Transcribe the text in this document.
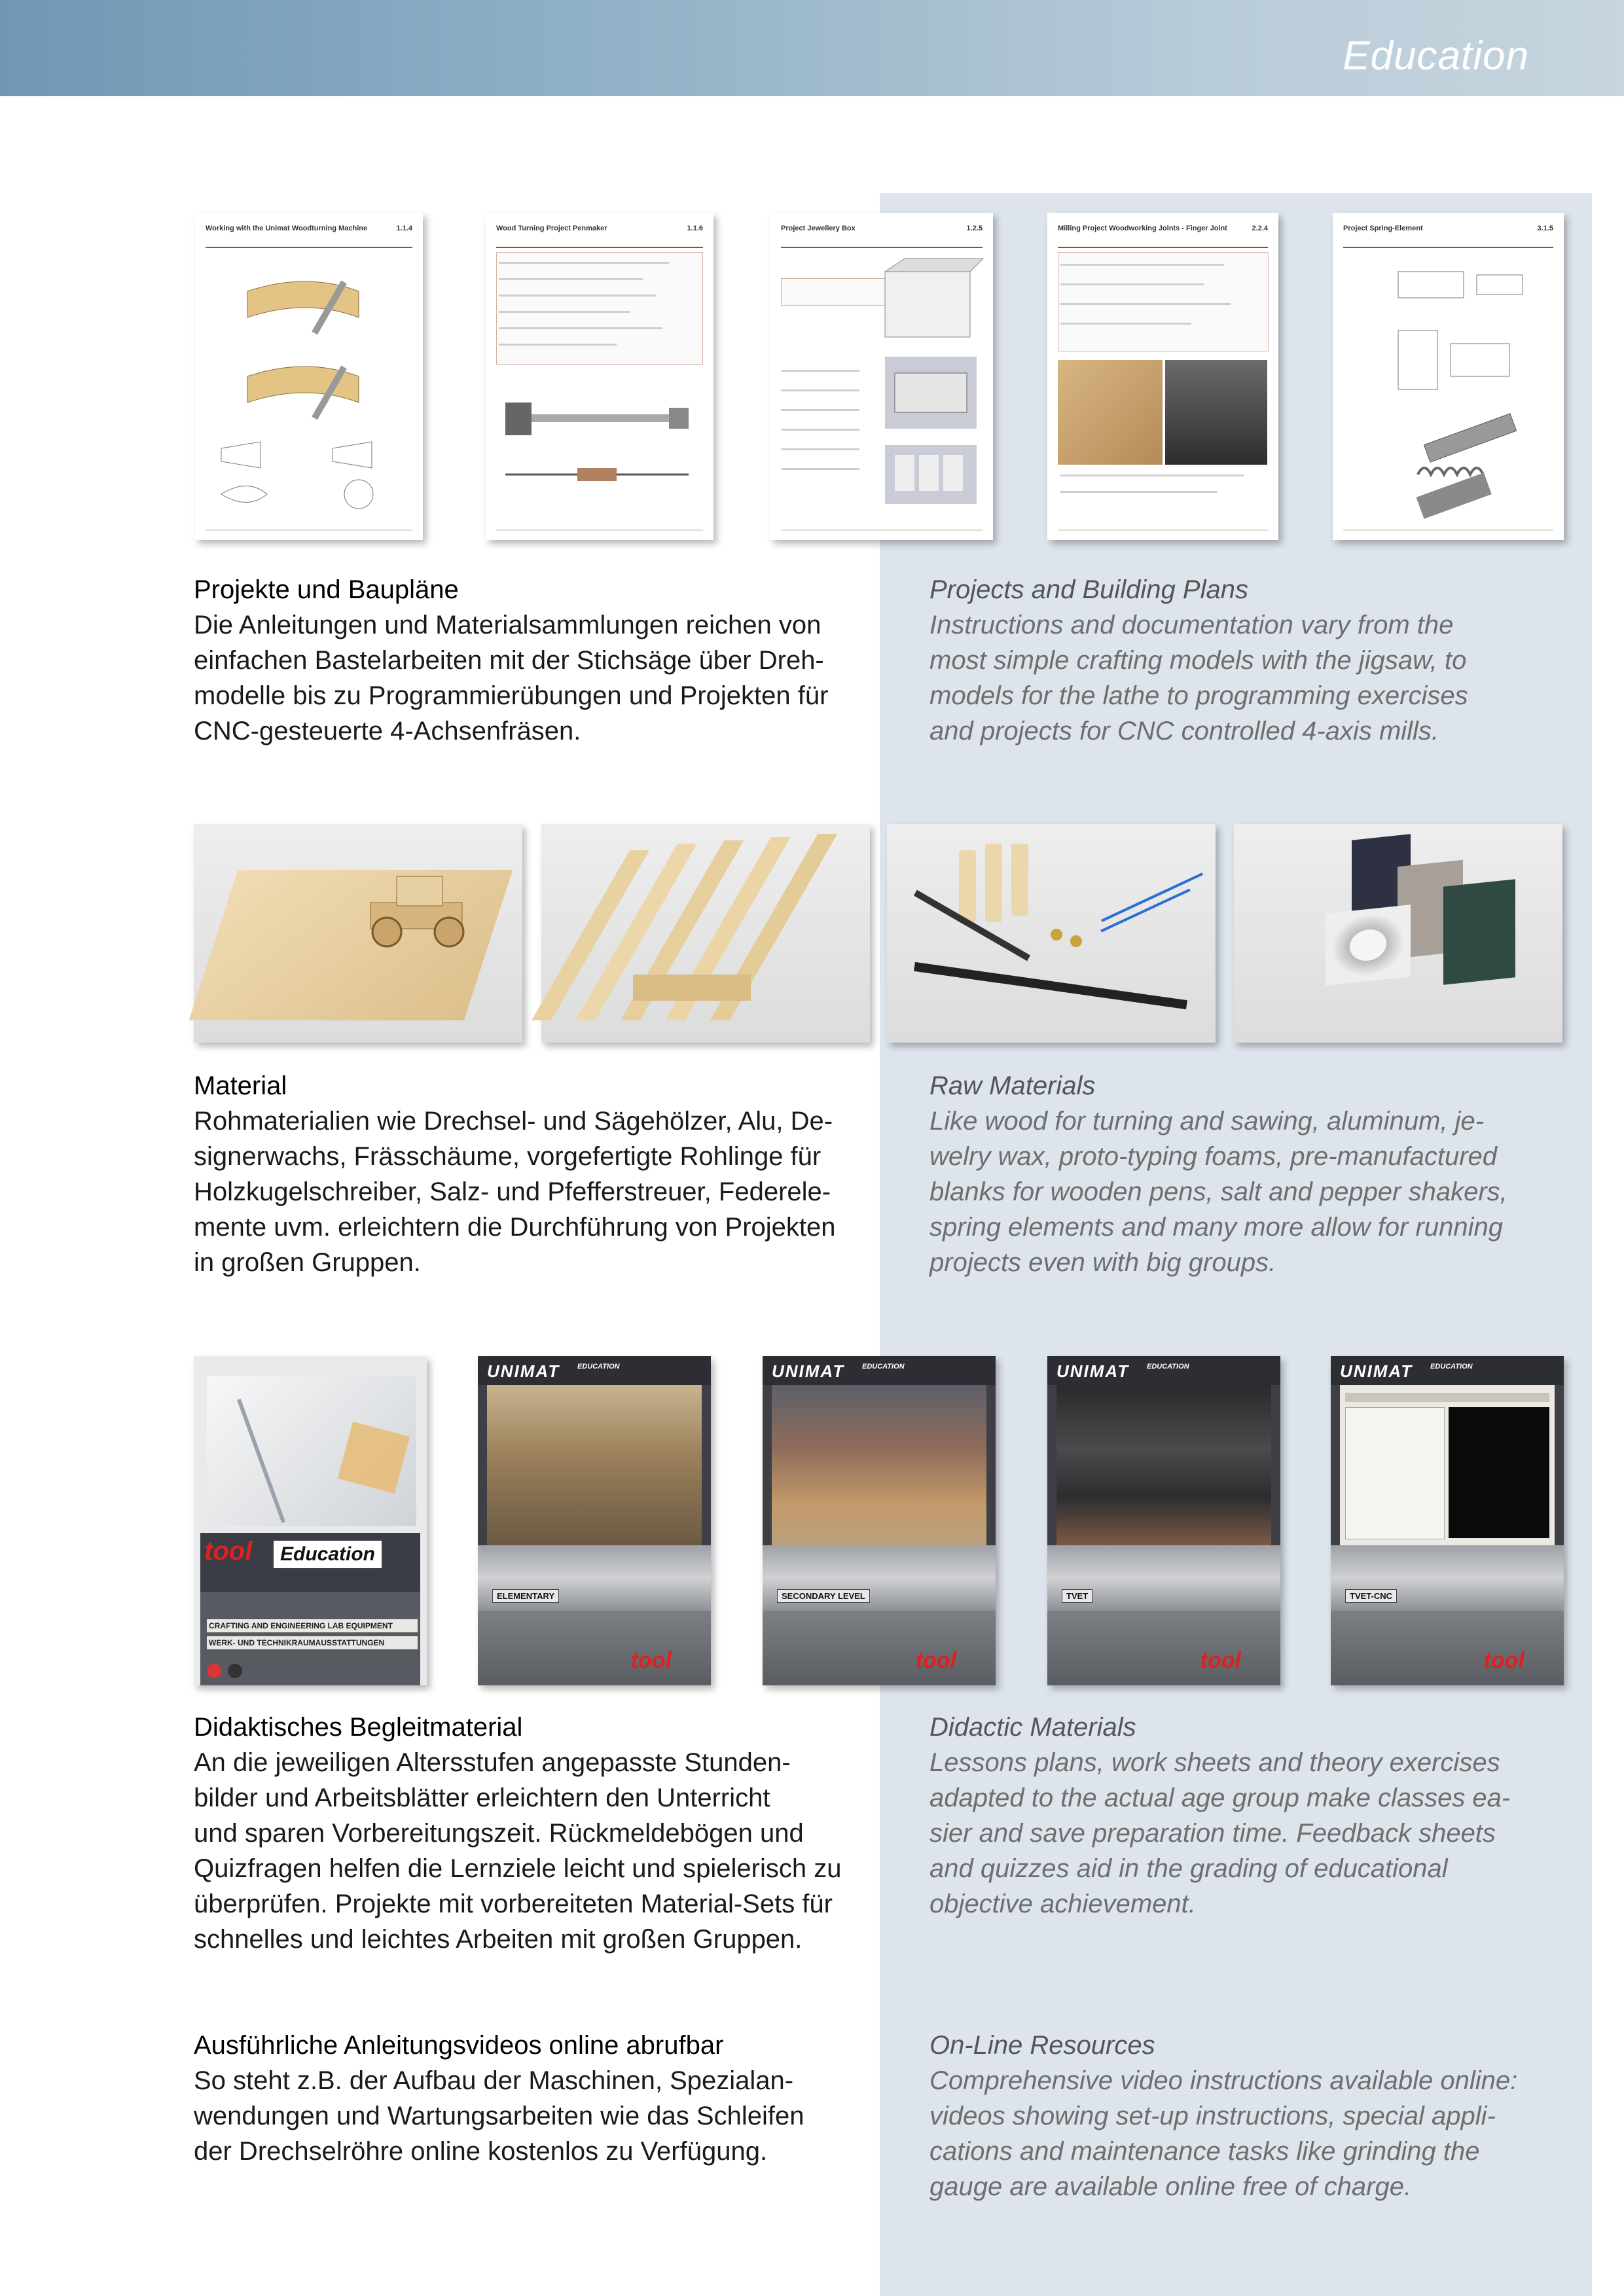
Education
Working with the Unimat Woodturning Machine	1.1.4	Wood Turning Project Penmaker	1.1.6	Project Jewellery Box	1.2.5	Milling Project Woodworking Joints - Finger Joint	2.2.4	Project Spring-Element	3.1.5
Projekte und Baupläne
Die Anleitungen und Materialsammlungen reichen von
einfachen Bastelarbeiten mit der Stichsäge über Dreh-
modelle bis zu Programmierübungen und Projekten für
CNC-gesteuerte 4-Achsenfräsen.
Projects and Building Plans
Instructions and documentation vary from the
most simple crafting models with the jigsaw, to
models for the lathe to programming exercises
and projects for CNC controlled 4-axis mills.
Material
Rohmaterialien wie Drechsel- und Sägehölzer, Alu, De-
signerwachs, Frässchäume, vorgefertigte Rohlinge für
Holzkugelschreiber, Salz- und Pfefferstreuer, Federele-
mente uvm. erleichtern die Durchführung von Projekten
in großen Gruppen.
Raw Materials
Like wood for turning and sawing, aluminum, je-
welry wax, proto-typing foams, pre-manufactured
blanks for wooden pens, salt and pepper shakers,
spring elements and many more allow for running
projects even with big groups.
tool	Education
CRAFTING AND ENGINEERING LAB EQUIPMENT
WERK- UND TECHNIKRAUMAUSSTATTUNGEN
UNIMAT EDUCATION
ELEMENTARY
tool
UNIMAT EDUCATION
SECONDARY LEVEL
tool
UNIMAT EDUCATION
TVET
tool
UNIMAT EDUCATION
TVET-CNC
tool
Didaktisches Begleitmaterial
An die jeweiligen Altersstufen angepasste Stunden-
bilder und Arbeitsblätter erleichtern den Unterricht
und sparen Vorbereitungszeit. Rückmeldebögen und
Quizfragen helfen die Lernziele leicht und spielerisch zu
überprüfen. Projekte mit vorbereiteten Material-Sets für
schnelles und leichtes Arbeiten mit großen Gruppen.
Didactic Materials
Lessons plans, work sheets and theory exercises
adapted to the actual age group make classes ea-
sier and save preparation time. Feedback sheets
and quizzes aid in the grading of educational
objective achievement.
Ausführliche Anleitungsvideos online abrufbar
So steht z.B. der Aufbau der Maschinen, Spezialan-
wendungen und Wartungsarbeiten wie das Schleifen
der Drechselröhre online kostenlos zu Verfügung.
On-Line Resources
Comprehensive video instructions available online:
videos showing set-up instructions, special appli-
cations and maintenance tasks like grinding the
gauge are available online free of charge.
